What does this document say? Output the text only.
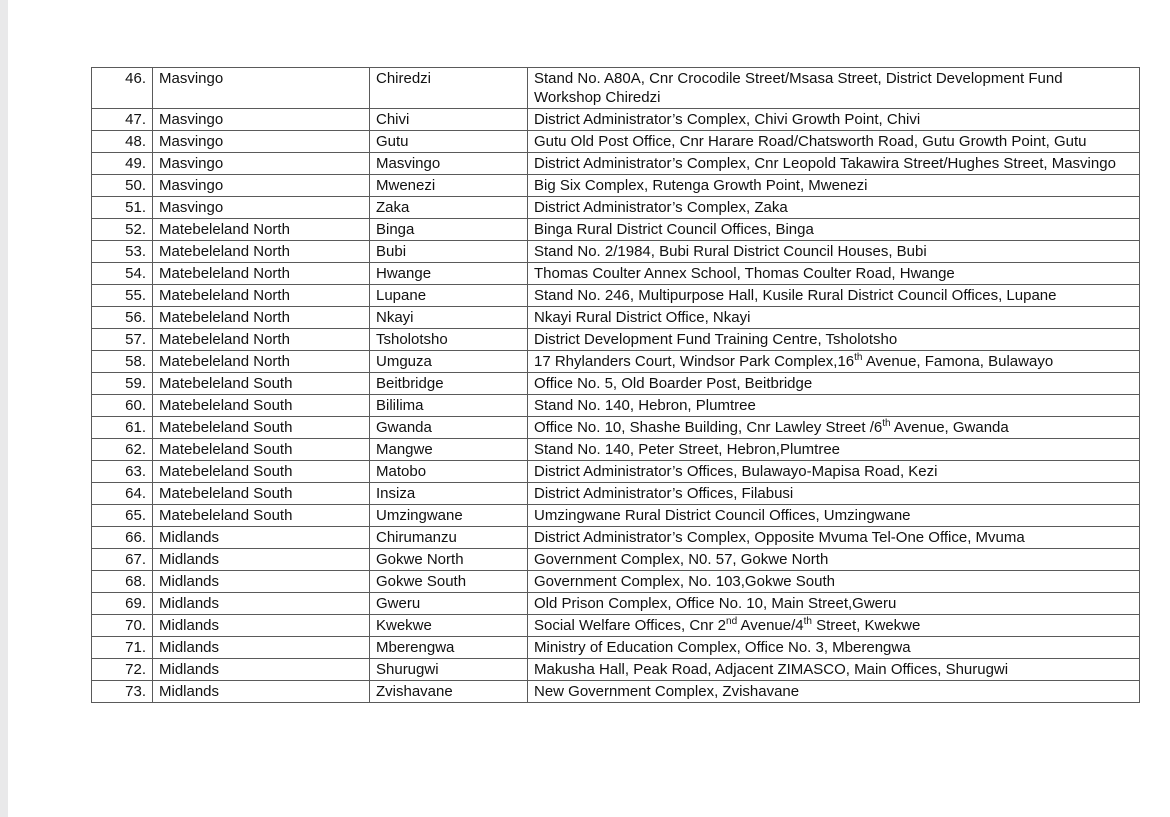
46.	Masvingo	Chiredzi	Stand No. A80A, Cnr Crocodile Street/Msasa Street, District Development Fund Workshop Chiredzi
47.	Masvingo	Chivi	District Administrator’s Complex, Chivi Growth Point, Chivi
48.	Masvingo	Gutu	Gutu Old Post Office, Cnr Harare Road/Chatsworth Road, Gutu Growth Point, Gutu
49.	Masvingo	Masvingo	District Administrator’s Complex, Cnr Leopold Takawira Street/Hughes Street, Masvingo
50.	Masvingo	Mwenezi	Big Six Complex, Rutenga Growth Point, Mwenezi
51.	Masvingo	Zaka	District Administrator’s Complex, Zaka
52.	Matebeleland North	Binga	Binga Rural District Council Offices, Binga
53.	Matebeleland North	Bubi	Stand No. 2/1984, Bubi Rural District Council Houses, Bubi
54.	Matebeleland North	Hwange	Thomas Coulter Annex School, Thomas Coulter Road, Hwange
55.	Matebeleland North	Lupane	Stand No. 246, Multipurpose Hall, Kusile Rural District Council Offices, Lupane
56.	Matebeleland North	Nkayi	Nkayi Rural District Office, Nkayi
57.	Matebeleland North	Tsholotsho	District Development Fund Training Centre, Tsholotsho
58.	Matebeleland North	Umguza	17 Rhylanders Court, Windsor Park Complex,16th Avenue, Famona, Bulawayo
59.	Matebeleland South	Beitbridge	Office No. 5, Old Boarder Post, Beitbridge
60.	Matebeleland South	Bililima	Stand No. 140, Hebron, Plumtree
61.	Matebeleland South	Gwanda	Office No. 10, Shashe Building, Cnr Lawley Street /6th Avenue, Gwanda
62.	Matebeleland South	Mangwe	Stand No. 140, Peter Street, Hebron,Plumtree
63.	Matebeleland South	Matobo	District Administrator’s Offices, Bulawayo-Mapisa Road, Kezi
64.	Matebeleland South	Insiza	District Administrator’s Offices, Filabusi
65.	Matebeleland South	Umzingwane	Umzingwane Rural District Council Offices, Umzingwane
66.	Midlands	Chirumanzu	District Administrator’s Complex, Opposite Mvuma Tel-One Office, Mvuma
67.	Midlands	Gokwe North	Government Complex, N0. 57, Gokwe North
68.	Midlands	Gokwe South	Government Complex, No. 103,Gokwe South
69.	Midlands	Gweru	Old Prison Complex, Office No. 10, Main Street,Gweru
70.	Midlands	Kwekwe	Social Welfare Offices, Cnr 2nd Avenue/4th Street, Kwekwe
71.	Midlands	Mberengwa	Ministry of Education Complex, Office No. 3, Mberengwa
72.	Midlands	Shurugwi	Makusha Hall, Peak Road, Adjacent ZIMASCO, Main Offices, Shurugwi
73.	Midlands	Zvishavane	New Government Complex, Zvishavane
